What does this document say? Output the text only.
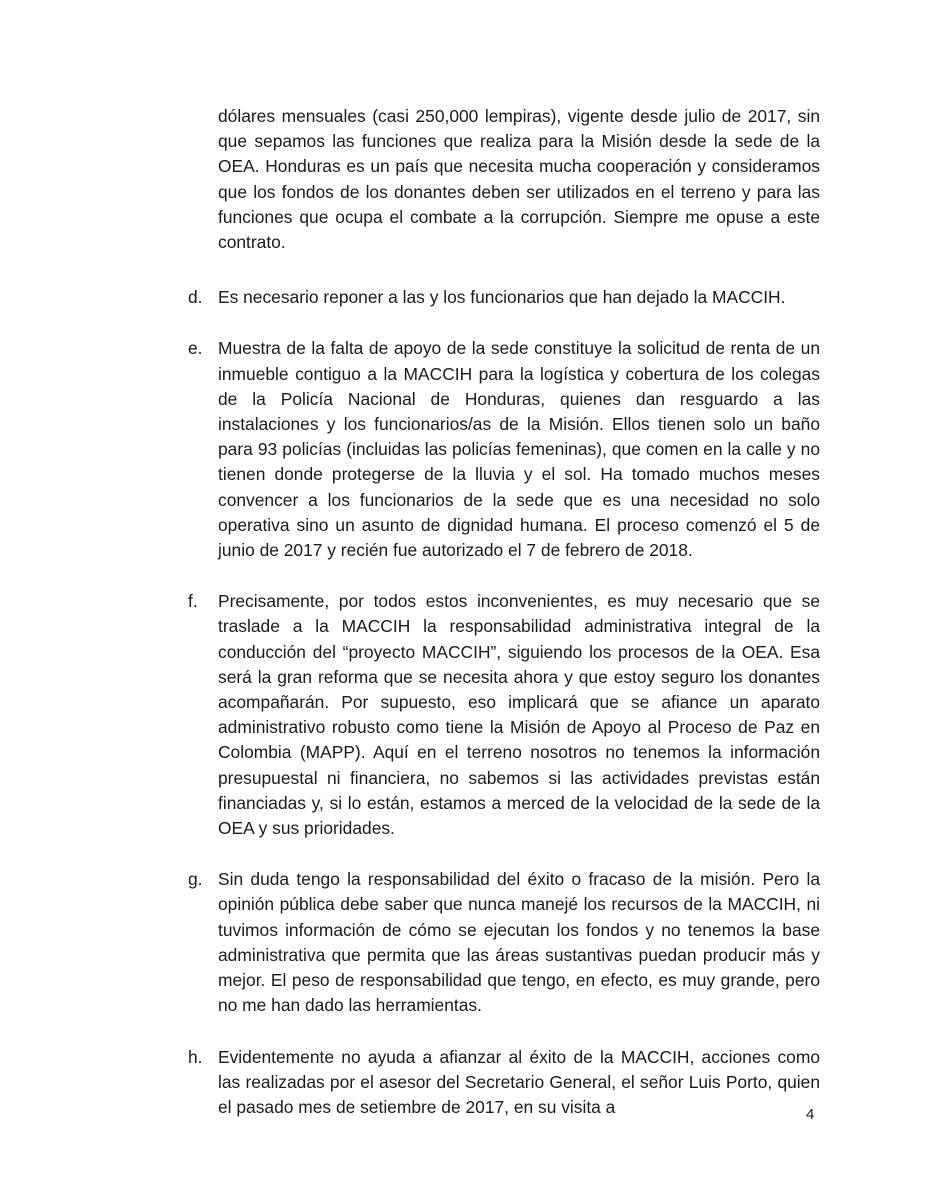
dólares mensuales (casi 250,000 lempiras), vigente desde julio de 2017, sin que sepamos las funciones que realiza para la Misión desde la sede de la OEA. Honduras es un país que necesita mucha cooperación y consideramos que los fondos de los donantes deben ser utilizados en el terreno y para las funciones que ocupa el combate a la corrupción. Siempre me opuse a este contrato.

d. Es necesario reponer a las y los funcionarios que han dejado la MACCIH.
e. Muestra de la falta de apoyo de la sede constituye la solicitud de renta de un inmueble contiguo a la MACCIH para la logística y cobertura de los colegas de la Policía Nacional de Honduras, quienes dan resguardo a las instalaciones y los funcionarios/as de la Misión. Ellos tienen solo un baño para 93 policías (incluidas las policías femeninas), que comen en la calle y no tienen donde protegerse de la lluvia y el sol. Ha tomado muchos meses convencer a los funcionarios de la sede que es una necesidad no solo operativa sino un asunto de dignidad humana. El proceso comenzó el 5 de junio de 2017 y recién fue autorizado el 7 de febrero de 2018.
f.	Precisamente, por todos estos inconvenientes, es muy necesario que se traslade a la MACCIH la responsabilidad administrativa integral de la conducción del “proyecto MACCIH”, siguiendo los procesos de la OEA. Esa será la gran reforma que se necesita ahora y que estoy seguro los donantes acompañarán. Por supuesto, eso implicará que se afiance un aparato administrativo robusto como tiene la Misión de Apoyo al Proceso de Paz en Colombia (MAPP). Aquí en el terreno nosotros no tenemos la información presupuestal ni financiera, no sabemos si las actividades previstas están financiadas y, si lo están, estamos a merced de la velocidad de la sede de la OEA y sus prioridades.
g. Sin duda tengo la responsabilidad del éxito o fracaso de la misión. Pero la opinión pública debe saber que nunca manejé los recursos de la MACCIH, ni tuvimos información de cómo se ejecutan los fondos y no tenemos la base administrativa que permita que las áreas sustantivas puedan producir más y mejor. El peso de responsabilidad que tengo, en efecto, es muy grande, pero no me han dado las herramientas.
h. Evidentemente no ayuda a afianzar al éxito de la MACCIH, acciones como las realizadas por el asesor del Secretario General, el señor Luis Porto, quien el pasado mes de setiembre de 2017, en su visita a	4
